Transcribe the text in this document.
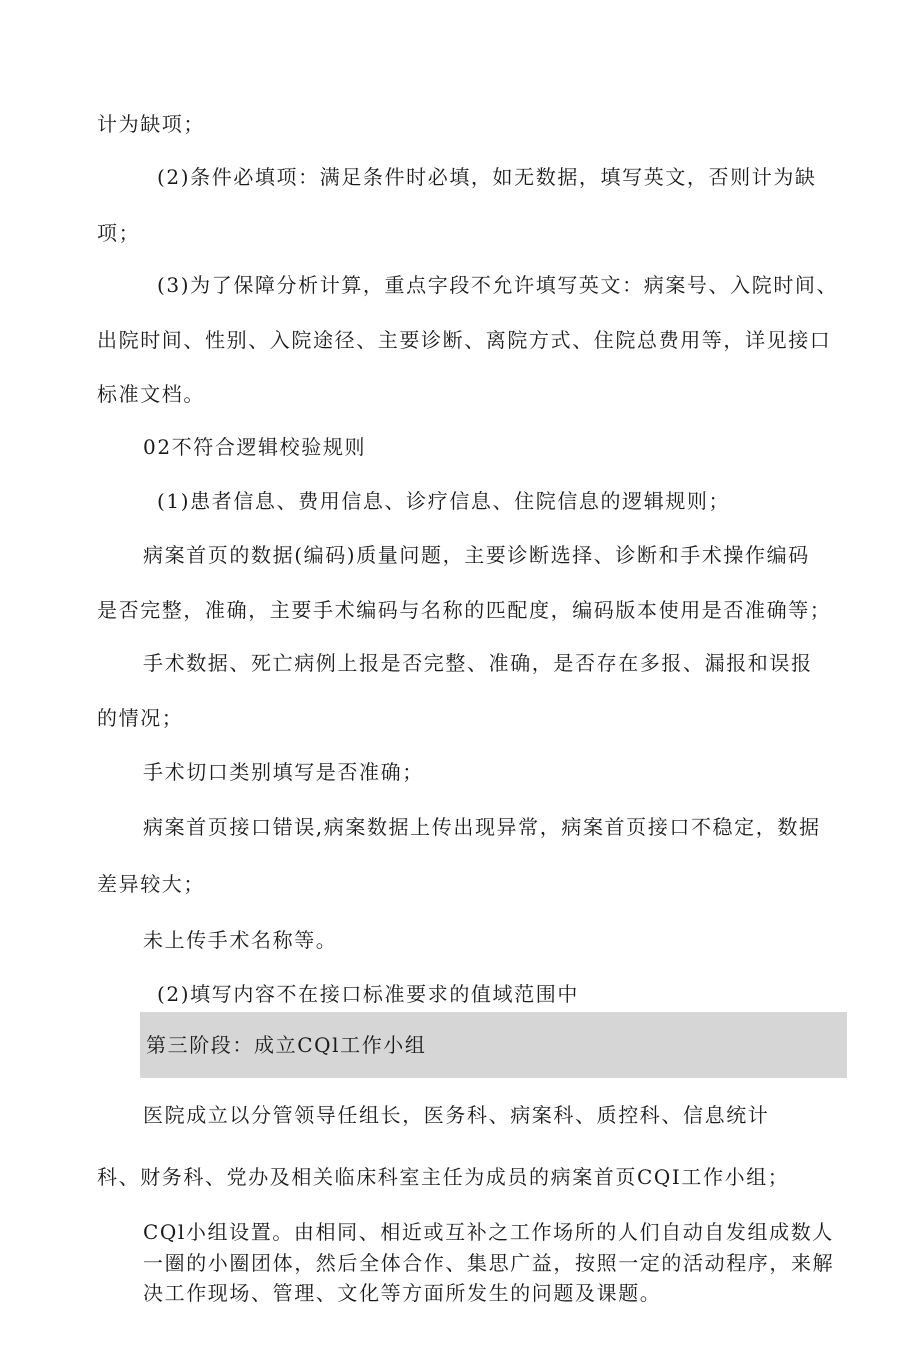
计为缺项；
(2)条件必填项：满足条件时必填，如无数据，填写英文，否则计为缺
项；
(3)为了保障分析计算，重点字段不允许填写英文：病案号、入院时间、
出院时间、性别、入院途径、主要诊断、离院方式、住院总费用等，详见接口
标准文档。
02不符合逻辑校验规则
(1)患者信息、费用信息、诊疗信息、住院信息的逻辑规则；
病案首页的数据(编码)质量问题，主要诊断选择、诊断和手术操作编码
是否完整，准确，主要手术编码与名称的匹配度，编码版本使用是否准确等；
手术数据、死亡病例上报是否完整、准确，是否存在多报、漏报和误报
的情况；
手术切口类别填写是否准确；
病案首页接口错误,病案数据上传出现异常，病案首页接口不稳定，数据
差异较大；
未上传手术名称等。
(2)填写内容不在接口标准要求的值域范围中
第三阶段：成立CQl工作小组
医院成立以分管领导任组长，医务科、病案科、质控科、信息统计
科、财务科、党办及相关临床科室主任为成员的病案首页CQI工作小组；
CQl小组设置。由相同、相近或互补之工作场所的人们自动自发组成数人
一圈的小圈团体，然后全体合作、集思广益，按照一定的活动程序，来解
决工作现场、管理、文化等方面所发生的问题及课题。
